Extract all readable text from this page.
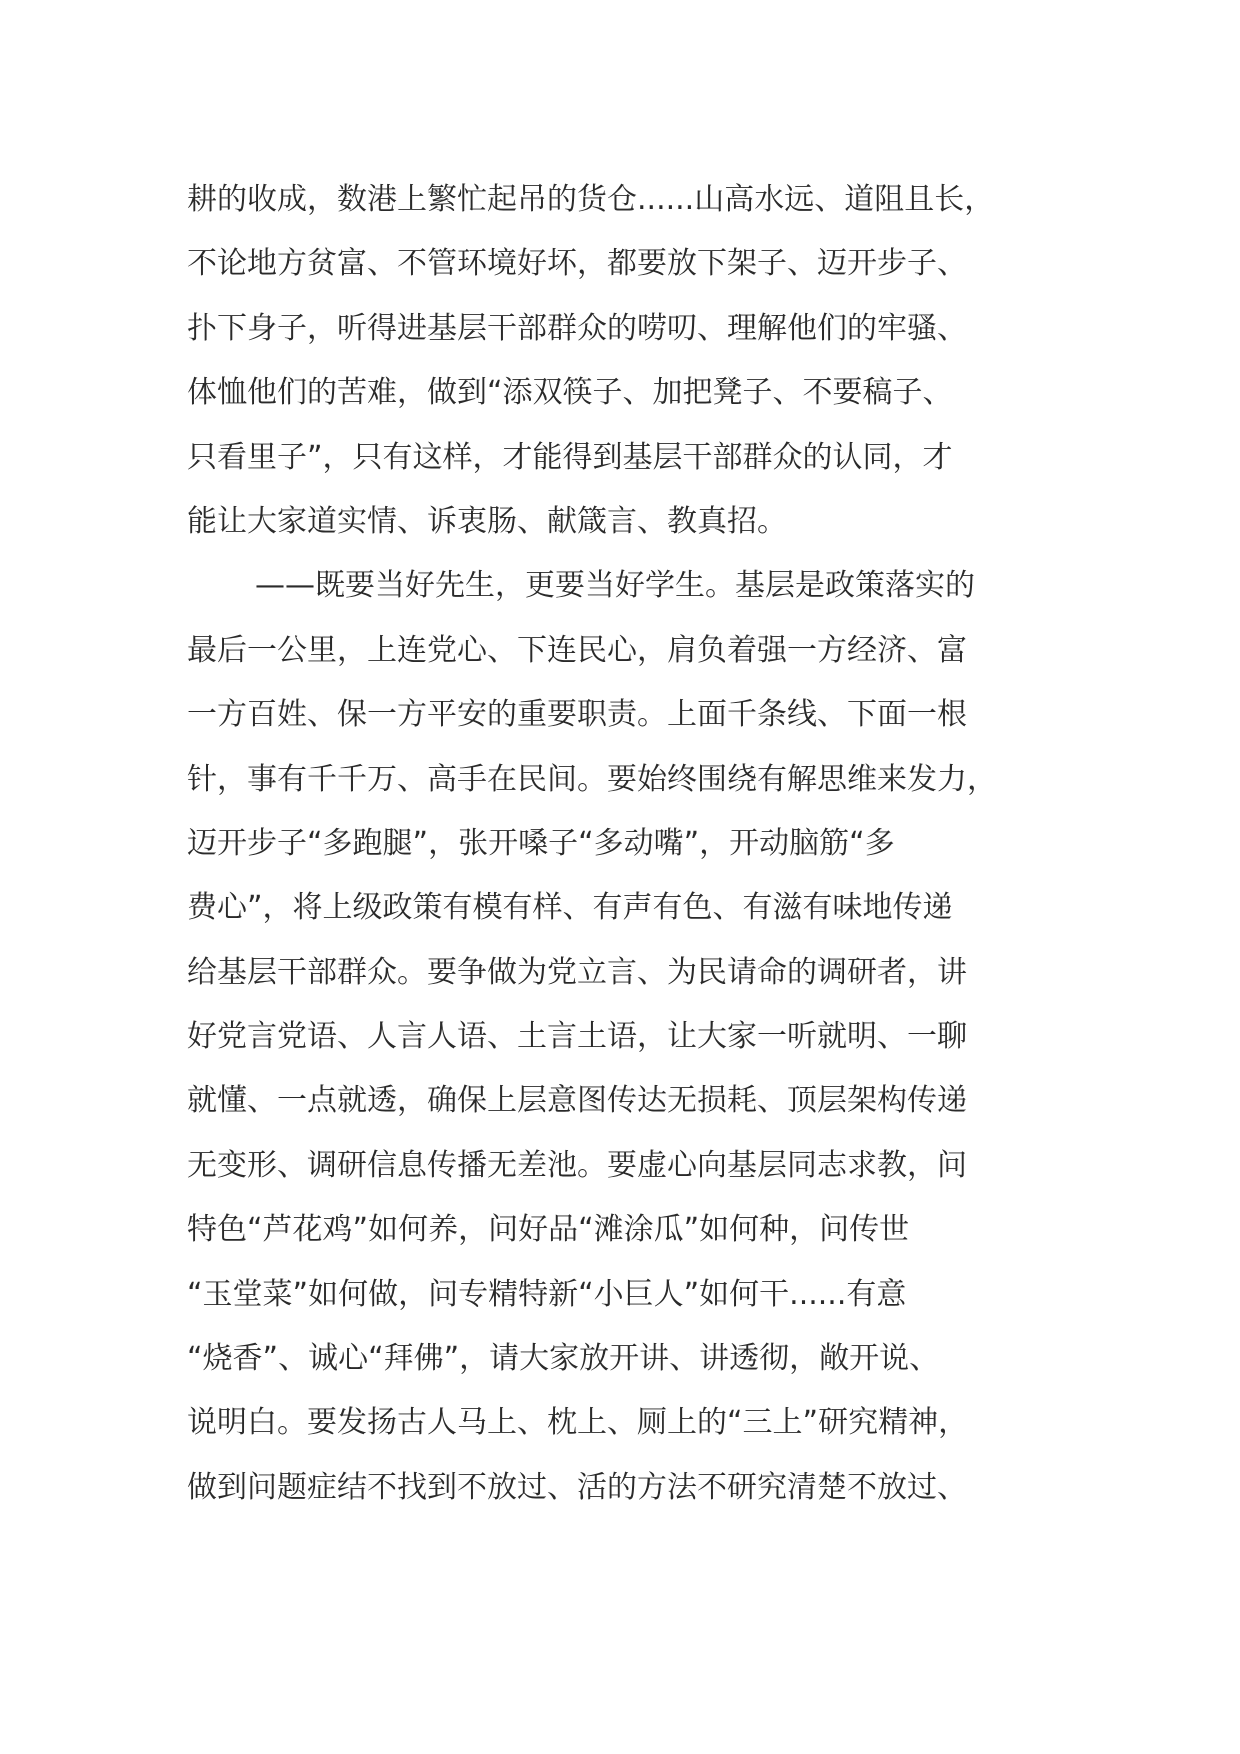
耕的收成，数港上繁忙起吊的货仓......山高水远、道阻且长，
不论地方贫富、不管环境好坏，都要放下架子、迈开步子、
扑下身子，听得进基层干部群众的唠叨、理解他们的牢骚、
体恤他们的苦难，做到“添双筷子、加把凳子、不要稿子、
只看里子”，只有这样，才能得到基层干部群众的认同，才
能让大家道实情、诉衷肠、献箴言、教真招。
——既要当好先生，更要当好学生。基层是政策落实的
最后一公里，上连党心、下连民心，肩负着强一方经济、富
一方百姓、保一方平安的重要职责。上面千条线、下面一根
针，事有千千万、高手在民间。要始终围绕有解思维来发力，
迈开步子“多跑腿”，张开嗓子“多动嘴”，开动脑筋“多
费心”，将上级政策有模有样、有声有色、有滋有味地传递
给基层干部群众。要争做为党立言、为民请命的调研者，讲
好党言党语、人言人语、土言土语，让大家一听就明、一聊
就懂、一点就透，确保上层意图传达无损耗、顶层架构传递
无变形、调研信息传播无差池。要虚心向基层同志求教，问
特色“芦花鸡”如何养，问好品“滩涂瓜”如何种，问传世
“玉堂菜”如何做，问专精特新“小巨人”如何干......有意
“烧香”、诚心“拜佛”，请大家放开讲、讲透彻，敞开说、
说明白。要发扬古人马上、枕上、厕上的“三上”研究精神，
做到问题症结不找到不放过、活的方法不研究清楚不放过、
